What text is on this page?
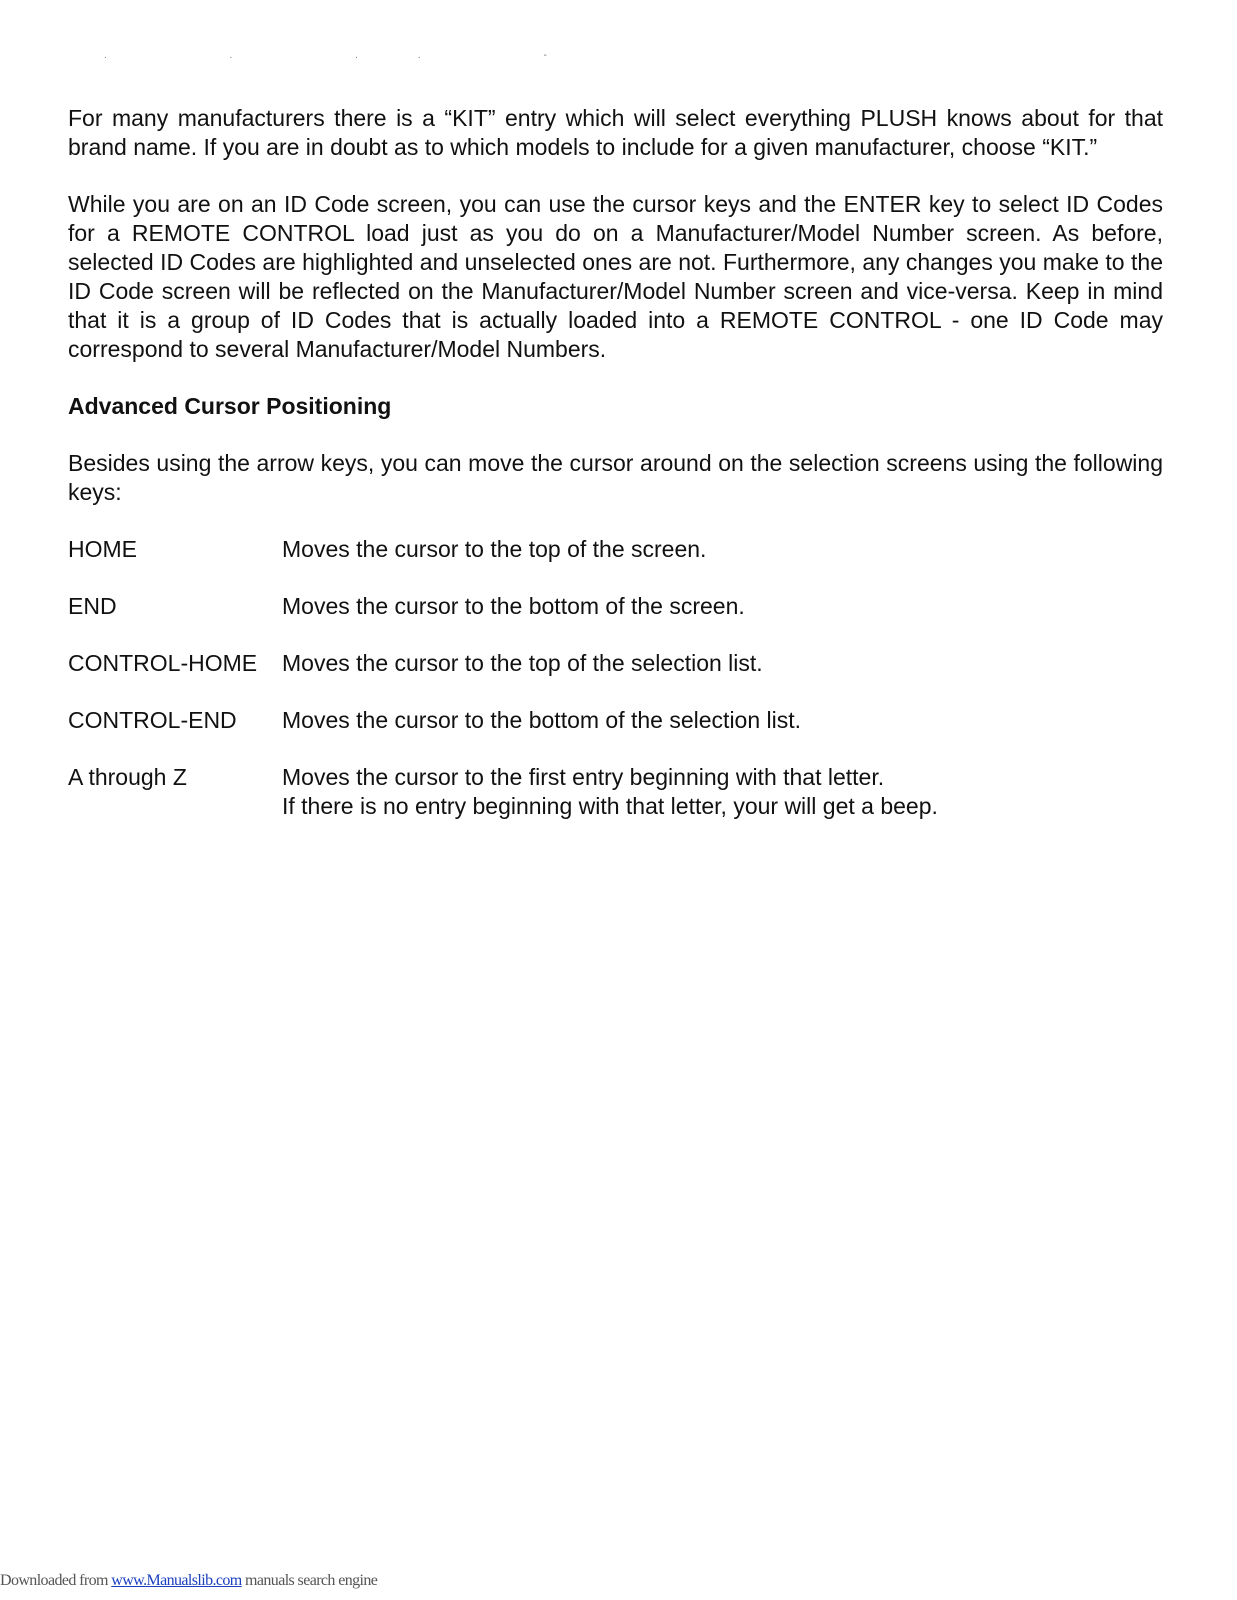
. . .. -

For many manufacturers there is a “KIT” entry which will select everything PLUSH knows about for that brand name. If you are in doubt as to which models to include for a given manufacturer, choose “KIT.”

While you are on an ID Code screen, you can use the cursor keys and the ENTER key to select ID Codes for a REMOTE CONTROL load just as you do on a Manufacturer/Model Number screen. As before, selected ID Codes are highlighted and unselected ones are not. Furthermore, any changes you make to the ID Code screen will be reflected on the Manufacturer/Model Number screen and vice-versa. Keep in mind that it is a group of ID Codes that is actually loaded into a REMOTE CONTROL - one ID Code may correspond to several Manufacturer/Model Numbers.

Advanced Cursor Positioning

Besides using the arrow keys, you can move the cursor around on the selection screens using the following keys:

HOME	Moves the cursor to the top of the screen.
END	Moves the cursor to the bottom of the screen.
CONTROL-HOME	Moves the cursor to the top of the selection list.
CONTROL-END	Moves the cursor to the bottom of the selection list.
A through Z	Moves the cursor to the first entry beginning with that letter.
If there is no entry beginning with that letter, your will get a beep.
Downloaded from www.Manualslib.com manuals search engine
